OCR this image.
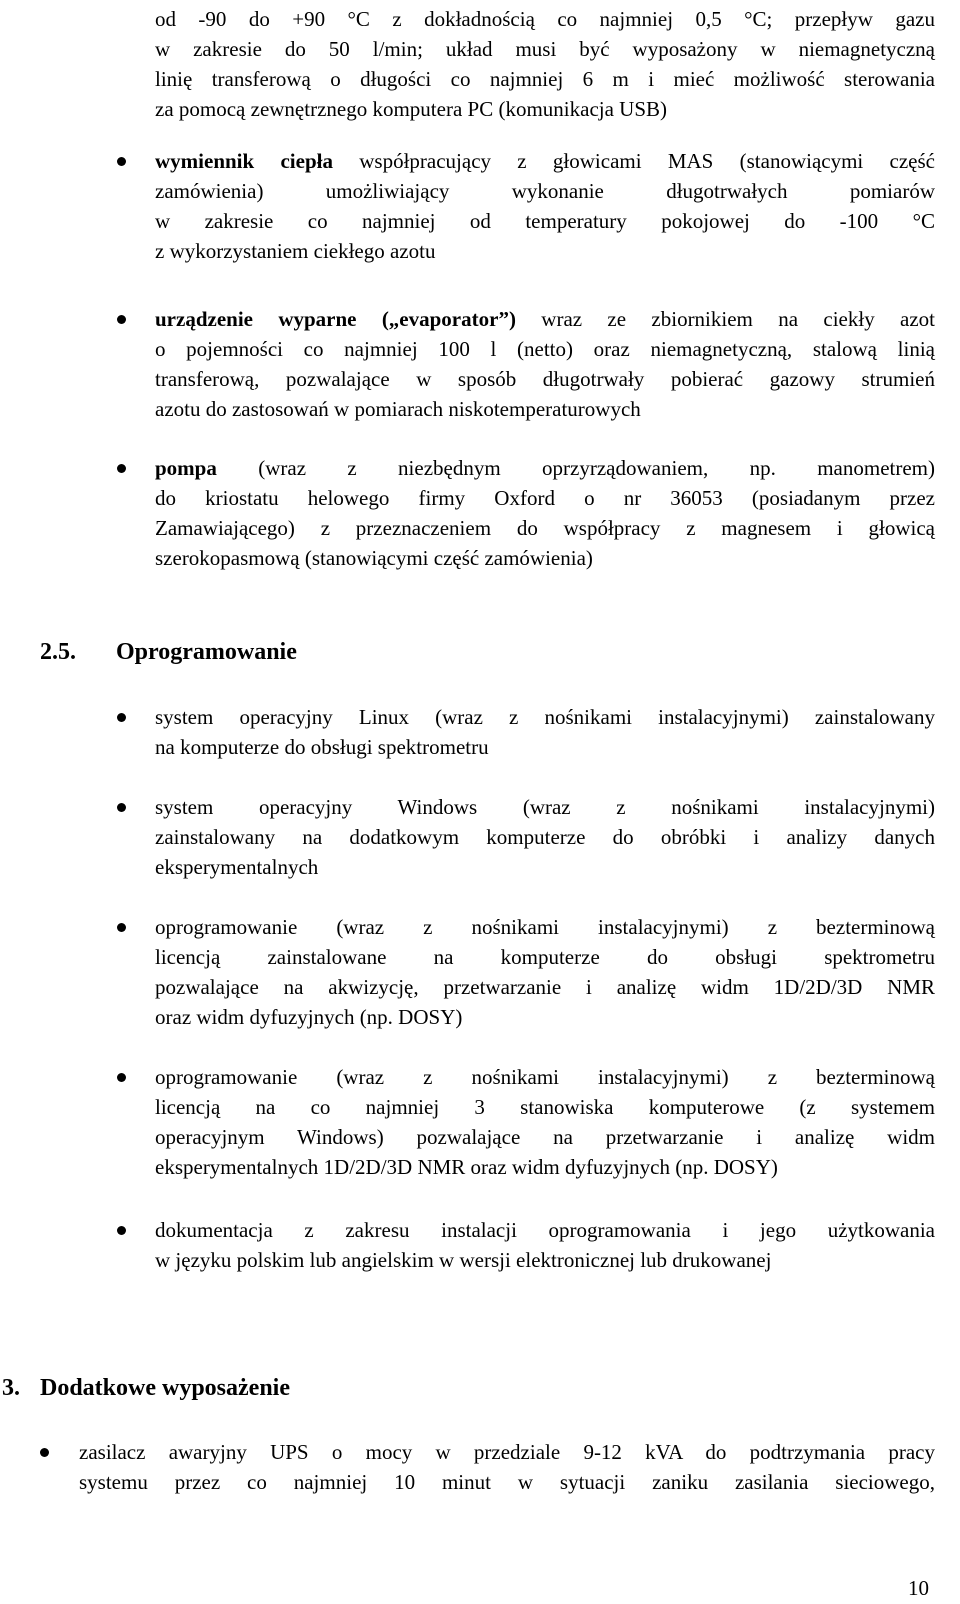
od -90 do +90 °C z dokładnością co najmniej 0,5 °C; przepływ gazu
w zakresie do 50 l/min; układ musi być wyposażony w niemagnetyczną
linię transferową o długości co najmniej 6 m i mieć możliwość sterowania
za pomocą zewnętrznego komputera PC (komunikacja USB)
wymiennik ciepła współpracujący z głowicami MAS (stanowiącymi część
zamówienia) umożliwiający wykonanie długotrwałych pomiarów
w zakresie co najmniej od temperatury pokojowej do -100 °C
z wykorzystaniem ciekłego azotu
urządzenie wyparne („evaporator”) wraz ze zbiornikiem na ciekły azot
o pojemności co najmniej 100 l (netto) oraz niemagnetyczną, stalową linią
transferową, pozwalające w sposób długotrwały pobierać gazowy strumień
azotu do zastosowań w pomiarach niskotemperaturowych
pompa (wraz z niezbędnym oprzyrządowaniem, np. manometrem)
do kriostatu helowego firmy Oxford o nr 36053 (posiadanym przez
Zamawiającego) z przeznaczeniem do współpracy z magnesem i głowicą
szerokopasmową (stanowiącymi część zamówienia)
2.5. Oprogramowanie
system operacyjny Linux (wraz z nośnikami instalacyjnymi) zainstalowany
na komputerze do obsługi spektrometru
system operacyjny Windows (wraz z nośnikami instalacyjnymi)
zainstalowany na dodatkowym komputerze do obróbki i analizy danych
eksperymentalnych
oprogramowanie (wraz z nośnikami instalacyjnymi) z bezterminową
licencją zainstalowane na komputerze do obsługi spektrometru
pozwalające na akwizycję, przetwarzanie i analizę widm 1D/2D/3D NMR
oraz widm dyfuzyjnych (np. DOSY)
oprogramowanie (wraz z nośnikami instalacyjnymi) z bezterminową
licencją na co najmniej 3 stanowiska komputerowe (z systemem
operacyjnym Windows) pozwalające na przetwarzanie i analizę widm
eksperymentalnych 1D/2D/3D NMR oraz widm dyfuzyjnych (np. DOSY)
dokumentacja z zakresu instalacji oprogramowania i jego użytkowania
w języku polskim lub angielskim w wersji elektronicznej lub drukowanej
3. Dodatkowe wyposażenie
zasilacz awaryjny UPS o mocy w przedziale 9-12 kVA do podtrzymania pracy
systemu przez co najmniej 10 minut w sytuacji zaniku zasilania sieciowego,
10
